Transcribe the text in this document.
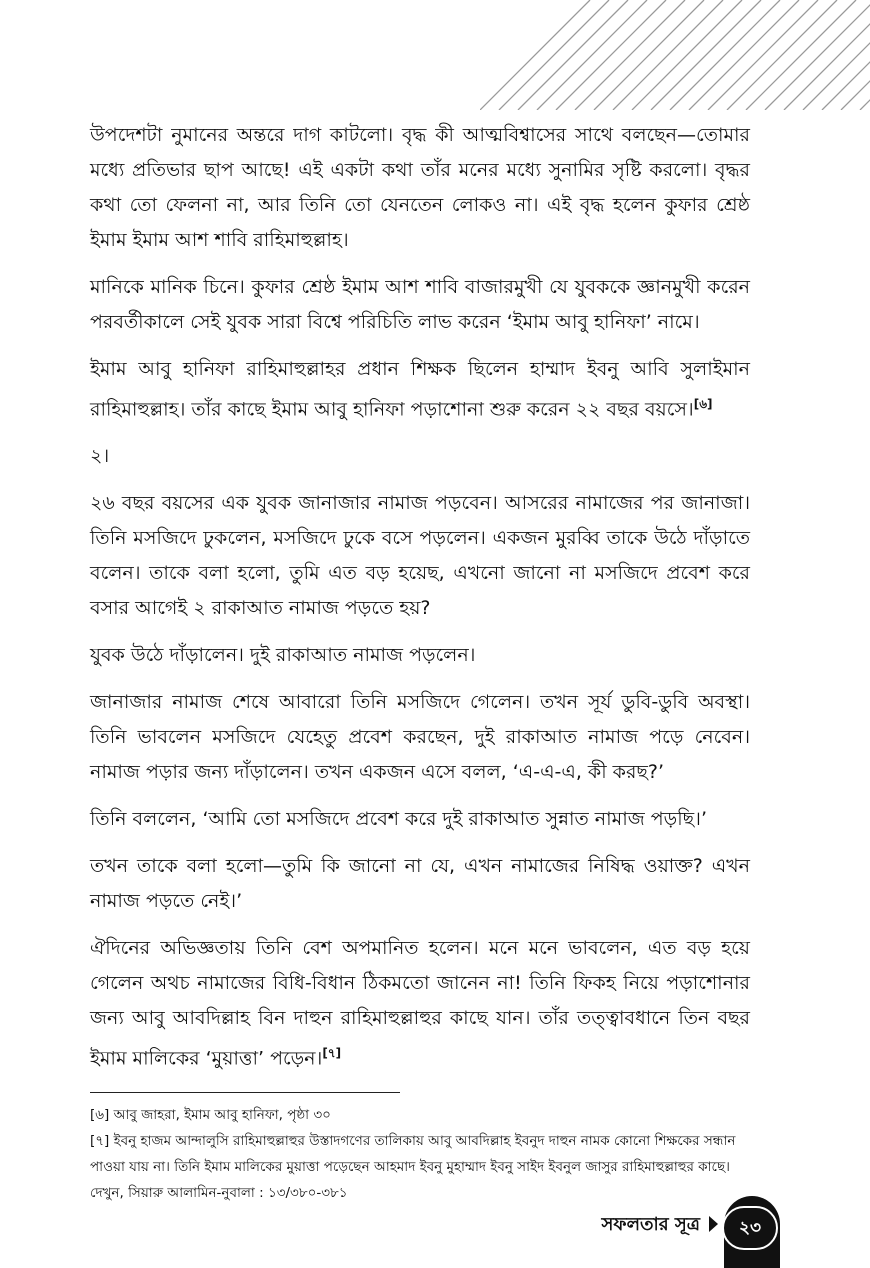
উপদেশটা নুমানের অন্তরে দাগ কাটলো। বৃদ্ধ কী আত্মবিশ্বাসের সাথে বলছেন—তোমার মধ্যে প্রতিভার ছাপ আছে! এই একটা কথা তাঁর মনের মধ্যে সুনামির সৃষ্টি করলো। বৃদ্ধর কথা তো ফেলনা না, আর তিনি তো যেনতেন লোকও না। এই বৃদ্ধ হলেন কুফার শ্রেষ্ঠ ইমাম ইমাম আশ শাবি রাহিমাহুল্লাহ।

মানিকে মানিক চিনে। কুফার শ্রেষ্ঠ ইমাম আশ শাবি বাজারমুখী যে যুবককে জ্ঞানমুখী করেন পরবর্তীকালে সেই যুবক সারা বিশ্বে পরিচিতি লাভ করেন ‘ইমাম আবু হানিফা’ নামে।

ইমাম আবু হানিফা রাহিমাহুল্লাহর প্রধান শিক্ষক ছিলেন হাম্মাদ ইবনু আবি সুলাইমান রাহিমাহুল্লাহ। তাঁর কাছে ইমাম আবু হানিফা পড়াশোনা শুরু করেন ২২ বছর বয়সে।[৬]

২।

২৬ বছর বয়সের এক যুবক জানাজার নামাজ পড়বেন। আসরের নামাজের পর জানাজা। তিনি মসজিদে ঢুকলেন, মসজিদে ঢুকে বসে পড়লেন। একজন মুরব্বি তাকে উঠে দাঁড়াতে বলেন। তাকে বলা হলো, তুমি এত বড় হয়েছ, এখনো জানো না মসজিদে প্রবেশ করে বসার আগেই ২ রাকাআত নামাজ পড়তে হয়?

যুবক উঠে দাঁড়ালেন। দুই রাকাআত নামাজ পড়লেন।

জানাজার নামাজ শেষে আবারো তিনি মসজিদে গেলেন। তখন সূর্য ডুবি-ডুবি অবস্থা। তিনি ভাবলেন মসজিদে যেহেতু প্রবেশ করছেন, দুই রাকাআত নামাজ পড়ে নেবেন। নামাজ পড়ার জন্য দাঁড়ালেন। তখন একজন এসে বলল, ‘এ-এ-এ, কী করছ?’

তিনি বললেন, ‘আমি তো মসজিদে প্রবেশ করে দুই রাকাআত সুন্নাত নামাজ পড়ছি।’

তখন তাকে বলা হলো—তুমি কি জানো না যে, এখন নামাজের নিষিদ্ধ ওয়াক্ত? এখন নামাজ পড়তে নেই।’

ঐদিনের অভিজ্ঞতায় তিনি বেশ অপমানিত হলেন। মনে মনে ভাবলেন, এত বড় হয়ে গেলেন অথচ নামাজের বিধি-বিধান ঠিকমতো জানেন না! তিনি ফিকহ নিয়ে পড়াশোনার জন্য আবু আবদিল্লাহ বিন দাহুন রাহিমাহুল্লাহুর কাছে যান। তাঁর তত্ত্বাবধানে তিন বছর ইমাম মালিকের ‘মুয়াত্তা’ পড়েন।[৭]

[৬] আবু জাহরা, ইমাম আবু হানিফা, পৃষ্ঠা ৩০

[৭] ইবনু হাজম আন্দালুসি রাহিমাহুল্লাহুর উস্তাদগণের তালিকায় আবু আবদিল্লাহ ইবনুদ দাহুন নামক কোনো শিক্ষকের সন্ধান পাওয়া যায় না। তিনি ইমাম মালিকের মুয়াত্তা পড়েছেন আহমাদ ইবনু মুহাম্মাদ ইবনু সাইদ ইবনুল জাসুর রাহিমাহুল্লাহুর কাছে। দেখুন, সিয়ারু আলামিন-নুবালা : ১৩/৩৮০-৩৮১

সফলতার সূত্র	২৩
